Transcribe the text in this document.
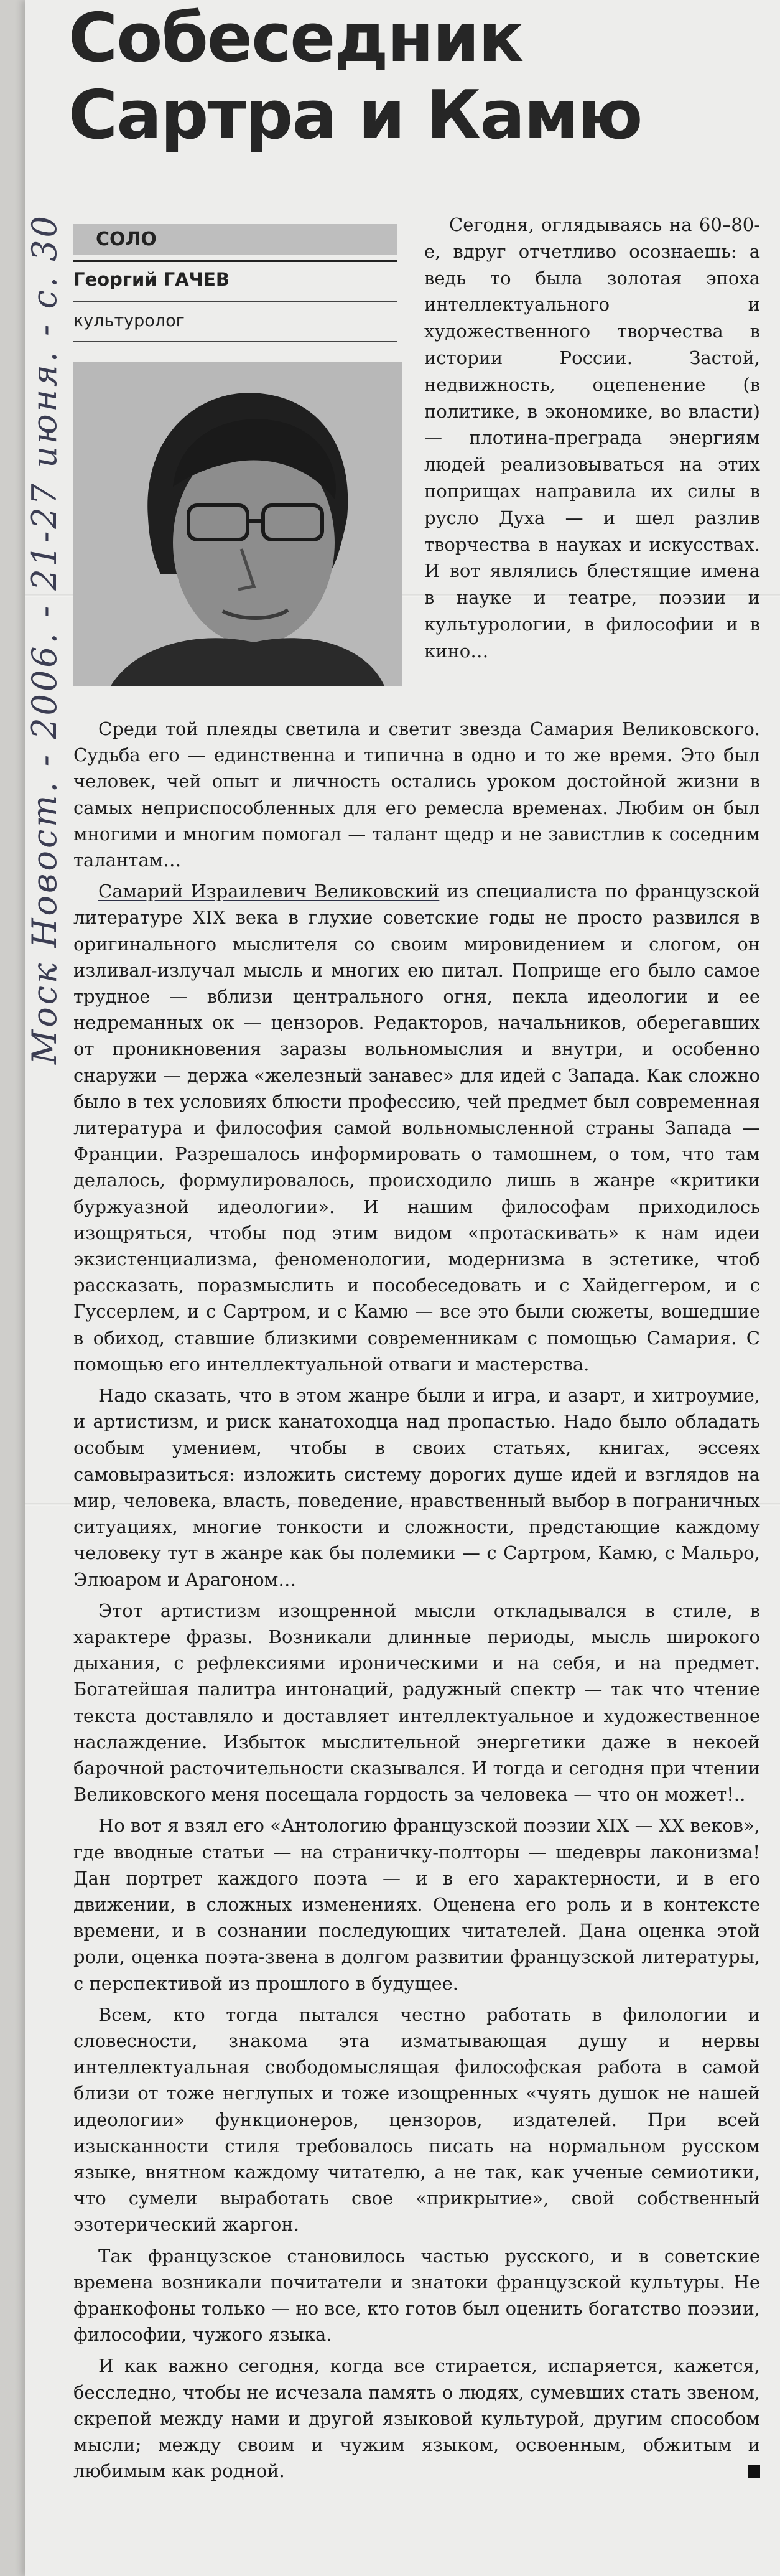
Собеседник
Сартра и Камю
Моск Новост. - 2006. - 21-27 июня. - с. 30	СОЛО
Георгий ГАЧЕВ
культуролог

Сегодня, оглядываясь на 60–80-е, вдруг отчетливо осознаешь: а ведь то была золотая эпоха интеллектуального и художественного творчества в истории России. Застой, недвижность, оцепенение (в политике, в экономике, во власти) — плотина-преграда энергиям людей реализовываться на этих поприщах направила их силы в русло Духа — и шел разлив творчества в науках и искусствах. И вот являлись блестящие имена в науке и театре, поэзии и культурологии, в философии и в кино…

Среди той плеяды светила и светит звезда Самария Великовского. Судьба его — единственна и типична в одно и то же время. Это был человек, чей опыт и личность остались уроком достойной жизни в самых неприспособленных для его ремесла временах. Любим он был многими и многим помогал — талант щедр и не завистлив к соседним талантам…

Самарий Израилевич Великовский из специалиста по французской литературе XIX века в глухие советские годы не просто развился в оригинального мыслителя со своим мировидением и слогом, он изливал-излучал мысль и многих ею питал. Поприще его было самое трудное — вблизи центрального огня, пекла идеологии и ее недреманных ок — цензоров. Редакторов, начальников, оберегавших от проникновения заразы вольномыслия и внутри, и особенно снаружи — держа «железный занавес» для идей с Запада. Как сложно было в тех условиях блюсти профессию, чей предмет был современная литература и философия самой вольномысленной страны Запада — Франции. Разрешалось информировать о тамошнем, о том, что там делалось, формулировалось, происходило лишь в жанре «критики буржуазной идеологии». И нашим философам приходилось изощряться, чтобы под этим видом «протаскивать» к нам идеи экзистенциализма, феноменологии, модернизма в эстетике, чтоб рассказать, поразмыслить и пособеседовать и с Хайдеггером, и с Гуссерлем, и с Сартром, и с Камю — все это были сюжеты, вошедшие в обиход, ставшие близкими современникам с помощью Самария. С помощью его интеллектуальной отваги и мастерства.

Надо сказать, что в этом жанре были и игра, и азарт, и хитроумие, и артистизм, и риск канатоходца над пропастью. Надо было обладать особым умением, чтобы в своих статьях, книгах, эссеях самовыразиться: изложить систему дорогих душе идей и взглядов на мир, человека, власть, поведение, нравственный выбор в пограничных ситуациях, многие тонкости и сложности, предстающие каждому человеку тут в жанре как бы полемики — с Сартром, Камю, с Мальро, Элюаром и Арагоном…

Этот артистизм изощренной мысли откладывался в стиле, в характере фразы. Возникали длинные периоды, мысль широкого дыхания, с рефлексиями ироническими и на себя, и на предмет. Богатейшая палитра интонаций, радужный спектр — так что чтение текста доставляло и доставляет интеллектуальное и художественное наслаждение. Избыток мыслительной энергетики даже в некоей барочной расточительности сказывался. И тогда и сегодня при чтении Великовского меня посещала гордость за человека — что он может!..

Но вот я взял его «Антологию французской поэзии XIX — XX веков», где вводные статьи — на страничку-полторы — шедевры лаконизма! Дан портрет каждого поэта — и в его характерности, и в его движении, в сложных изменениях. Оценена его роль и в контексте времени, и в сознании последующих читателей. Дана оценка этой роли, оценка поэта-звена в долгом развитии французской литературы, с перспективой из прошлого в будущее.

Всем, кто тогда пытался честно работать в филологии и словесности, знакома эта изматывающая душу и нервы интеллектуальная свободомыслящая философская работа в самой близи от тоже неглупых и тоже изощренных «чуять душок не нашей идеологии» функционеров, цензоров, издателей. При всей изысканности стиля требовалось писать на нормальном русском языке, внятном каждому читателю, а не так, как ученые семиотики, что сумели выработать свое «прикрытие», свой собственный эзотерический жаргон.

Так французское становилось частью русского, и в советские времена возникали почитатели и знатоки французской культуры. Не франкофоны только — но все, кто готов был оценить богатство поэзии, философии, чужого языка.

И как важно сегодня, когда все стирается, испаряется, кажется, бесследно, чтобы не исчезала память о людях, сумевших стать звеном, скрепой между нами и другой языковой культурой, другим способом мысли; между своим и чужим языком, освоенным, обжитым и любимым как родной.
